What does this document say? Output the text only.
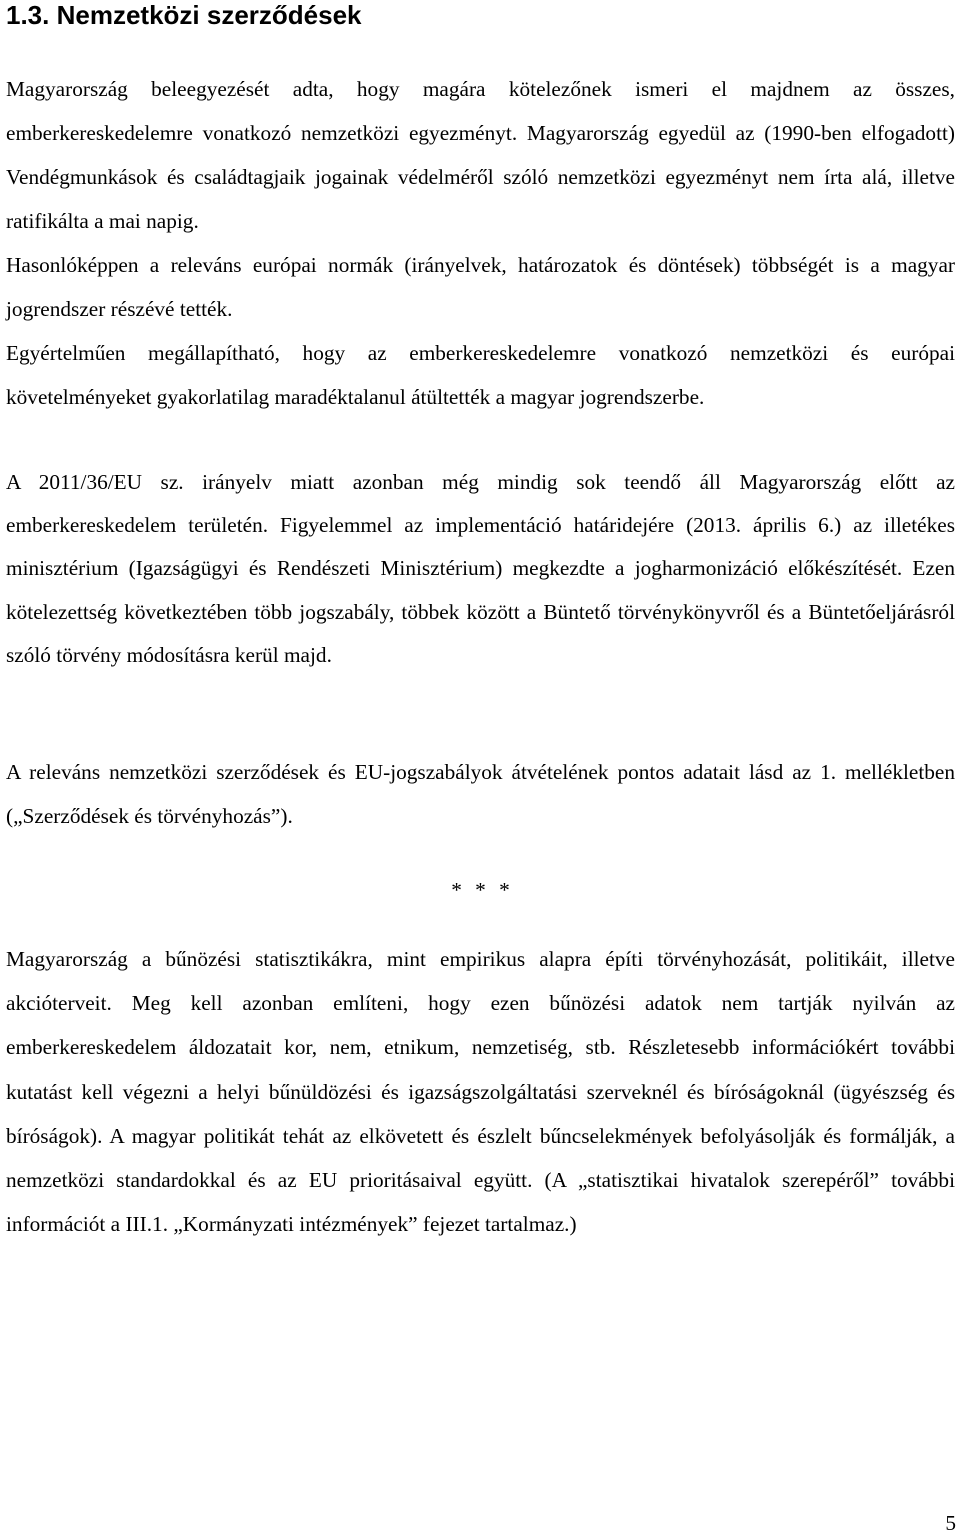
1.3. Nemzetközi szerződések

Magyarország beleegyezését adta, hogy magára kötelezőnek ismeri el majdnem az összes, emberkereskedelemre vonatkozó nemzetközi egyezményt. Magyarország egyedül az (1990-ben elfogadott) Vendégmunkások és családtagjaik jogainak védelméről szóló nemzetközi egyezményt nem írta alá, illetve ratifikálta a mai napig.

Hasonlóképpen a releváns európai normák (irányelvek, határozatok és döntések) többségét is a magyar jogrendszer részévé tették.

Egyértelműen megállapítható, hogy az emberkereskedelemre vonatkozó nemzetközi és európai követelményeket gyakorlatilag maradéktalanul átültették a magyar jogrendszerbe.

A 2011/36/EU sz. irányelv miatt azonban még mindig sok teendő áll Magyarország előtt az emberkereskedelem területén. Figyelemmel az implementáció határidejére (2013. április 6.) az illetékes minisztérium (Igazságügyi és Rendészeti Minisztérium) megkezdte a jogharmonizáció előkészítését. Ezen kötelezettség következtében több jogszabály, többek között a Büntető törvénykönyvről és a Büntetőeljárásról szóló törvény módosításra kerül majd.

A releváns nemzetközi szerződések és EU-jogszabályok átvételének pontos adatait lásd az 1. mellékletben („Szerződések és törvényhozás”).

* * *

Magyarország a bűnözési statisztikákra, mint empirikus alapra építi törvényhozását, politikáit, illetve akcióterveit. Meg kell azonban említeni, hogy ezen bűnözési adatok nem tartják nyilván az emberkereskedelem áldozatait kor, nem, etnikum, nemzetiség, stb. Részletesebb információkért további kutatást kell végezni a helyi bűnüldözési és igazságszolgáltatási szerveknél és bíróságoknál (ügyészség és bíróságok). A magyar politikát tehát az elkövetett és észlelt bűncselekmények befolyásolják és formálják, a nemzetközi standardokkal és az EU prioritásaival együtt. (A „statisztikai hivatalok szerepéről” további információt a III.1. „Kormányzati intézmények” fejezet tartalmaz.)

5
